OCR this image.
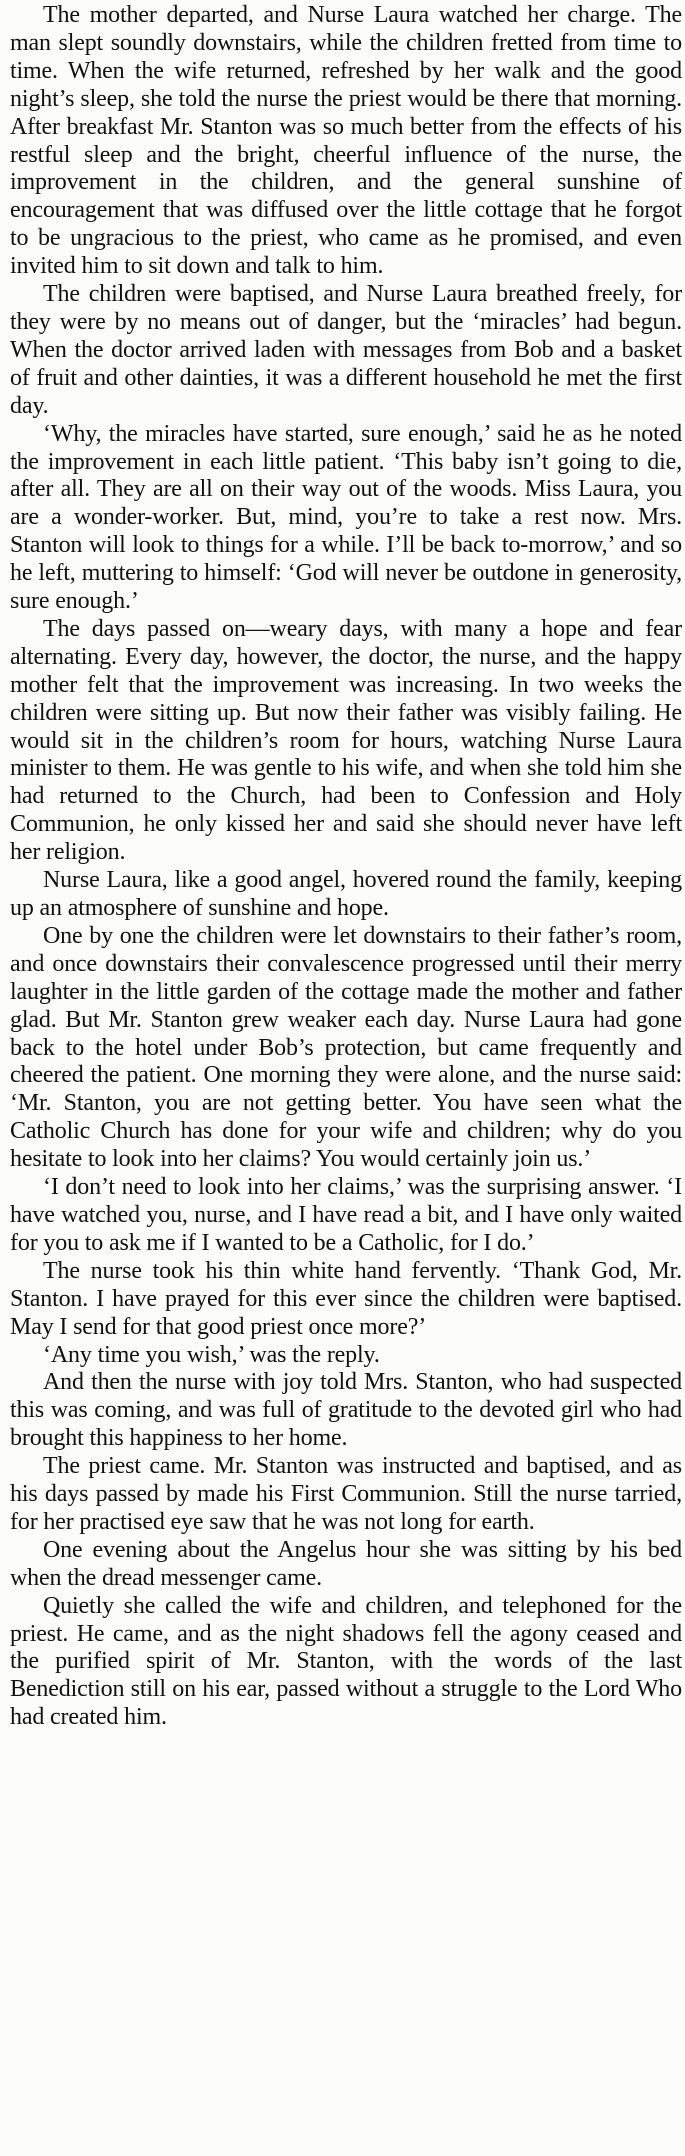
The mother departed, and Nurse Laura watched her charge. The man slept soundly downstairs, while the children fretted from time to time. When the wife returned, refreshed by her walk and the good night’s sleep, she told the nurse the priest would be there that morning. After breakfast Mr. Stanton was so much better from the effects of his restful sleep and the bright, cheerful influence of the nurse, the improvement in the children, and the general sunshine of encouragement that was diffused over the little cottage that he forgot to be ungracious to the priest, who came as he promised, and even invited him to sit down and talk to him.

The children were baptised, and Nurse Laura breathed freely, for they were by no means out of danger, but the ‘miracles’ had begun. When the doctor arrived laden with messages from Bob and a basket of fruit and other dainties, it was a different household he met the first day.

‘Why, the miracles have started, sure enough,’ said he as he noted the improvement in each little patient. ‘This baby isn’t going to die, after all. They are all on their way out of the woods. Miss Laura, you are a wonder-worker. But, mind, you’re to take a rest now. Mrs. Stanton will look to things for a while. I’ll be back to-morrow,’ and so he left, muttering to himself: ‘God will never be outdone in generosity, sure enough.’

The days passed on—weary days, with many a hope and fear alternating. Every day, however, the doctor, the nurse, and the happy mother felt that the improvement was increasing. In two weeks the children were sitting up. But now their father was visibly failing. He would sit in the children’s room for hours, watching Nurse Laura minister to them. He was gentle to his wife, and when she told him she had returned to the Church, had been to Confession and Holy Communion, he only kissed her and said she should never have left her religion.

Nurse Laura, like a good angel, hovered round the family, keeping up an atmosphere of sunshine and hope.

One by one the children were let downstairs to their father’s room, and once downstairs their convalescence progressed until their merry laughter in the little garden of the cottage made the mother and father glad. But Mr. Stanton grew weaker each day. Nurse Laura had gone back to the hotel under Bob’s protection, but came frequently and cheered the patient. One morning they were alone, and the nurse said: ‘Mr. Stanton, you are not getting better. You have seen what the Catholic Church has done for your wife and children; why do you hesitate to look into her claims? You would certainly join us.’

‘I don’t need to look into her claims,’ was the surprising answer. ‘I have watched you, nurse, and I have read a bit, and I have only waited for you to ask me if I wanted to be a Catholic, for I do.’

The nurse took his thin white hand fervently. ‘Thank God, Mr. Stanton. I have prayed for this ever since the children were baptised. May I send for that good priest once more?’

‘Any time you wish,’ was the reply.

And then the nurse with joy told Mrs. Stanton, who had suspected this was coming, and was full of gratitude to the devoted girl who had brought this happiness to her home.

The priest came. Mr. Stanton was instructed and baptised, and as his days passed by made his First Communion. Still the nurse tarried, for her practised eye saw that he was not long for earth.

One evening about the Angelus hour she was sitting by his bed when the dread messenger came.

Quietly she called the wife and children, and telephoned for the priest. He came, and as the night shadows fell the agony ceased and the purified spirit of Mr. Stanton, with the words of the last Benediction still on his ear, passed without a struggle to the Lord Who had created him.
